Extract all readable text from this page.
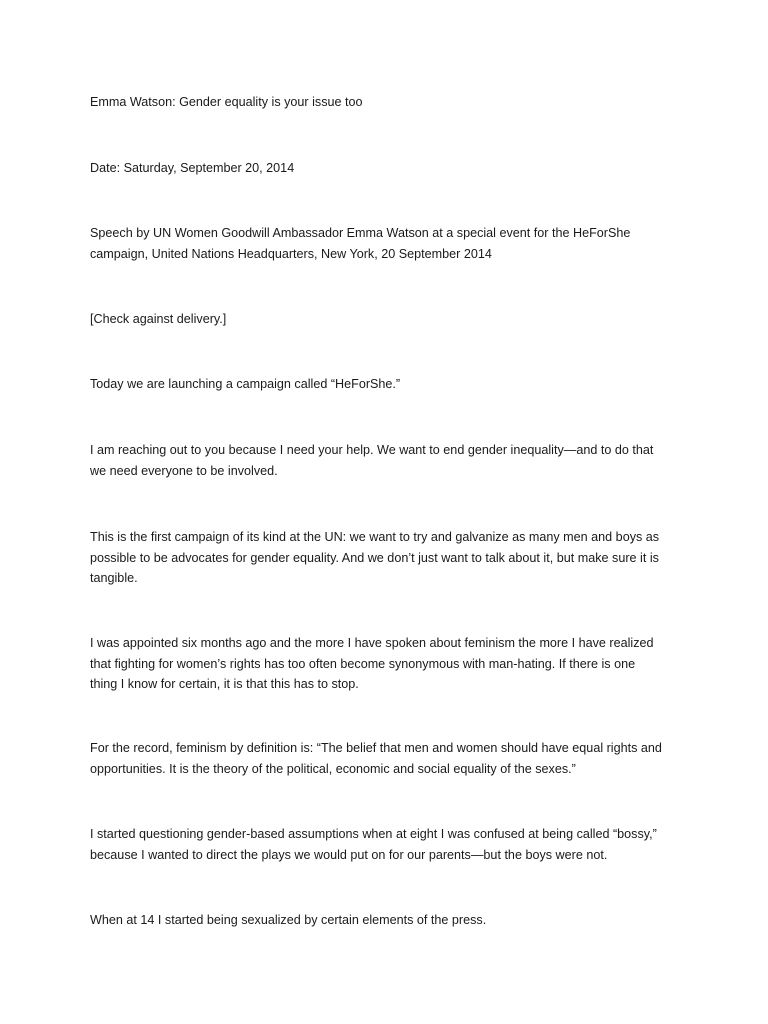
Emma Watson: Gender equality is your issue too

Date: Saturday, September 20, 2014

Speech by UN Women Goodwill Ambassador Emma Watson at a special event for the HeForShe
campaign, United Nations Headquarters, New York, 20 September 2014

[Check against delivery.]

Today we are launching a campaign called “HeForShe.”

I am reaching out to you because I need your help. We want to end gender inequality—and to do that
we need everyone to be involved.

This is the first campaign of its kind at the UN: we want to try and galvanize as many men and boys as
possible to be advocates for gender equality. And we don’t just want to talk about it, but make sure it is
tangible.

I was appointed six months ago and the more I have spoken about feminism the more I have realized
that fighting for women’s rights has too often become synonymous with man-hating. If there is one
thing I know for certain, it is that this has to stop.

For the record, feminism by definition is: “The belief that men and women should have equal rights and
opportunities. It is the theory of the political, economic and social equality of the sexes.”

I started questioning gender-based assumptions when at eight I was confused at being called “bossy,”
because I wanted to direct the plays we would put on for our parents—but the boys were not.

When at 14 I started being sexualized by certain elements of the press.
